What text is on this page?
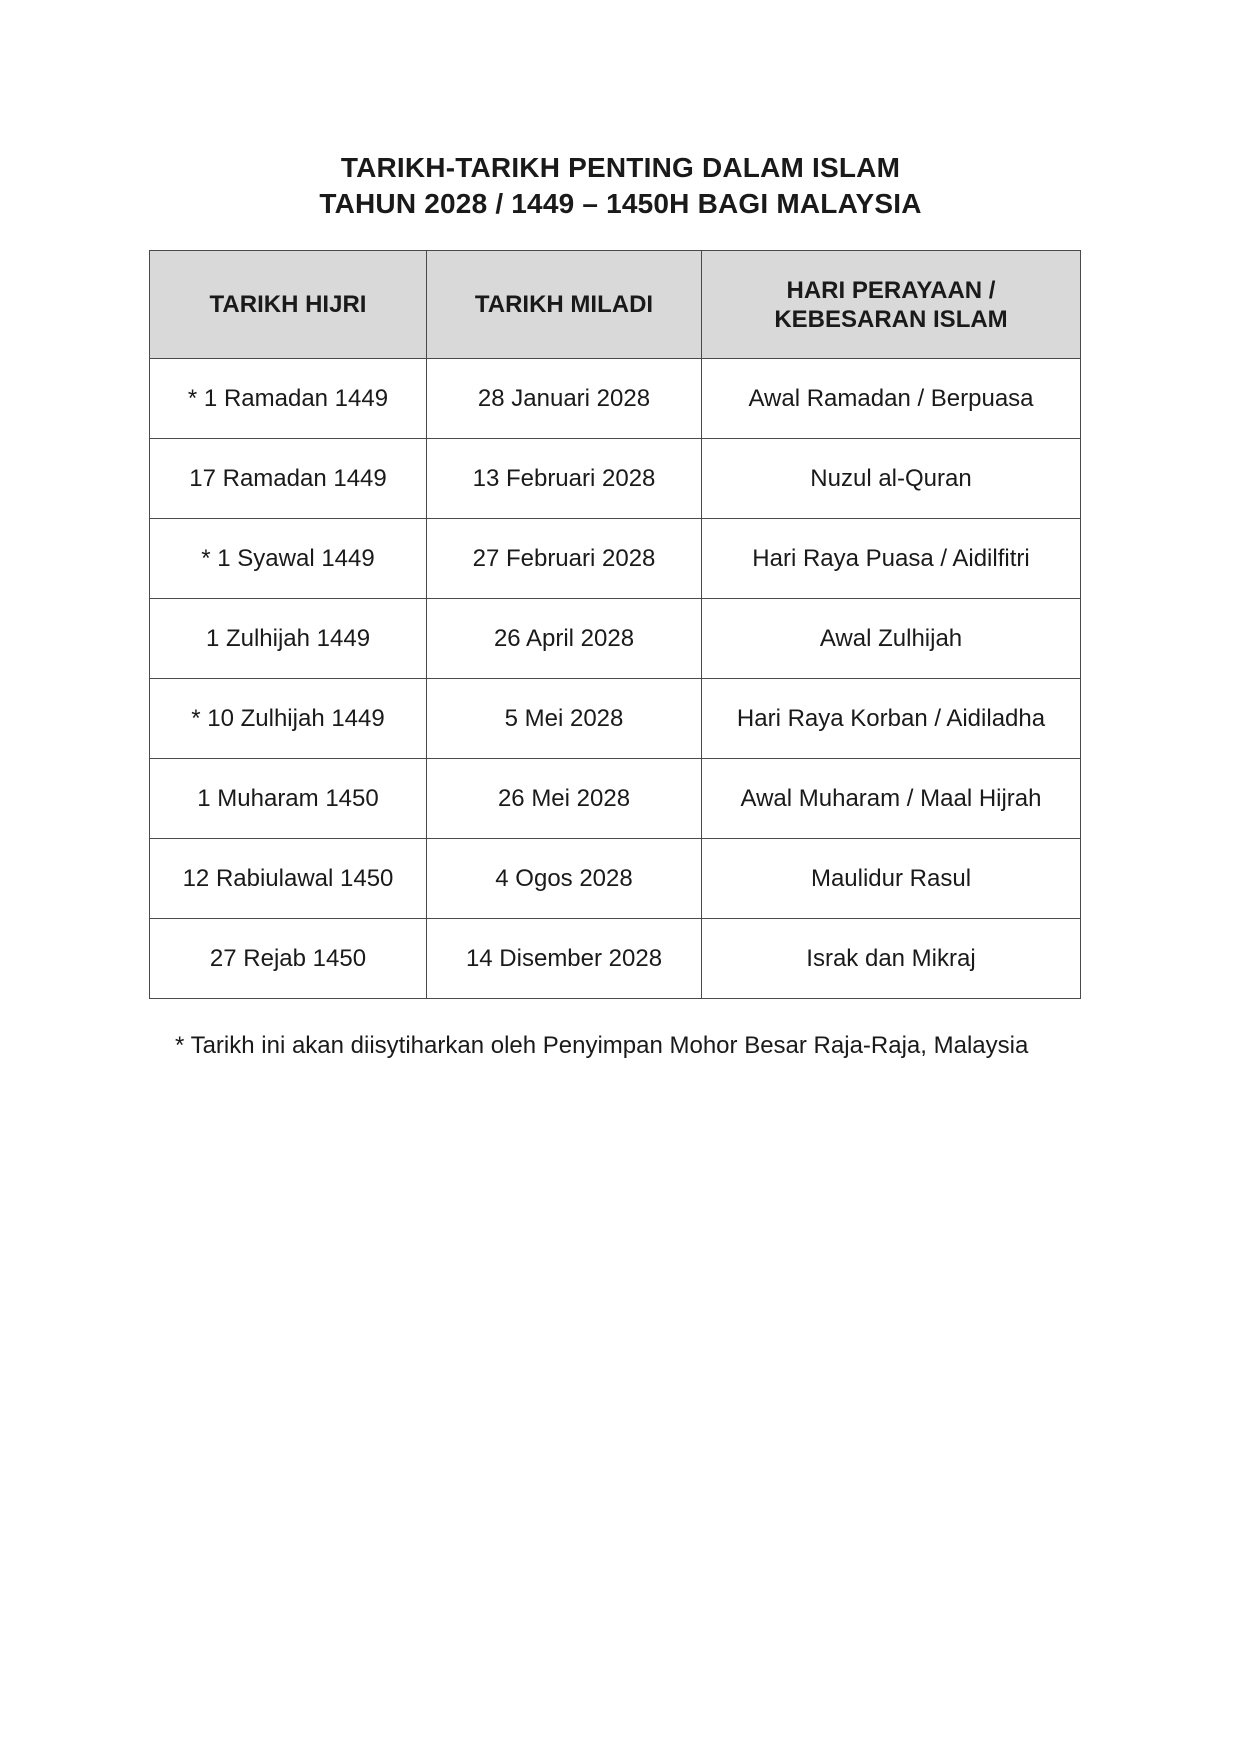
TARIKH-TARIKH PENTING DALAM ISLAM
TAHUN 2028 / 1449 – 1450H BAGI MALAYSIA
TARIKH HIJRI	TARIKH MILADI	HARI PERAYAAN /
KEBESARAN ISLAM
* 1 Ramadan 1449	28 Januari 2028	Awal Ramadan / Berpuasa
17 Ramadan 1449	13 Februari 2028	Nuzul al-Quran
* 1 Syawal 1449	27 Februari 2028	Hari Raya Puasa / Aidilfitri
1 Zulhijah 1449	26 April 2028	Awal Zulhijah
* 10 Zulhijah 1449	5 Mei 2028	Hari Raya Korban / Aidiladha
1 Muharam 1450	26 Mei 2028	Awal Muharam / Maal Hijrah
12 Rabiulawal 1450	4 Ogos 2028	Maulidur Rasul
27 Rejab 1450	14 Disember 2028	Israk dan Mikraj
* Tarikh ini akan diisytiharkan oleh Penyimpan Mohor Besar Raja-Raja, Malaysia
